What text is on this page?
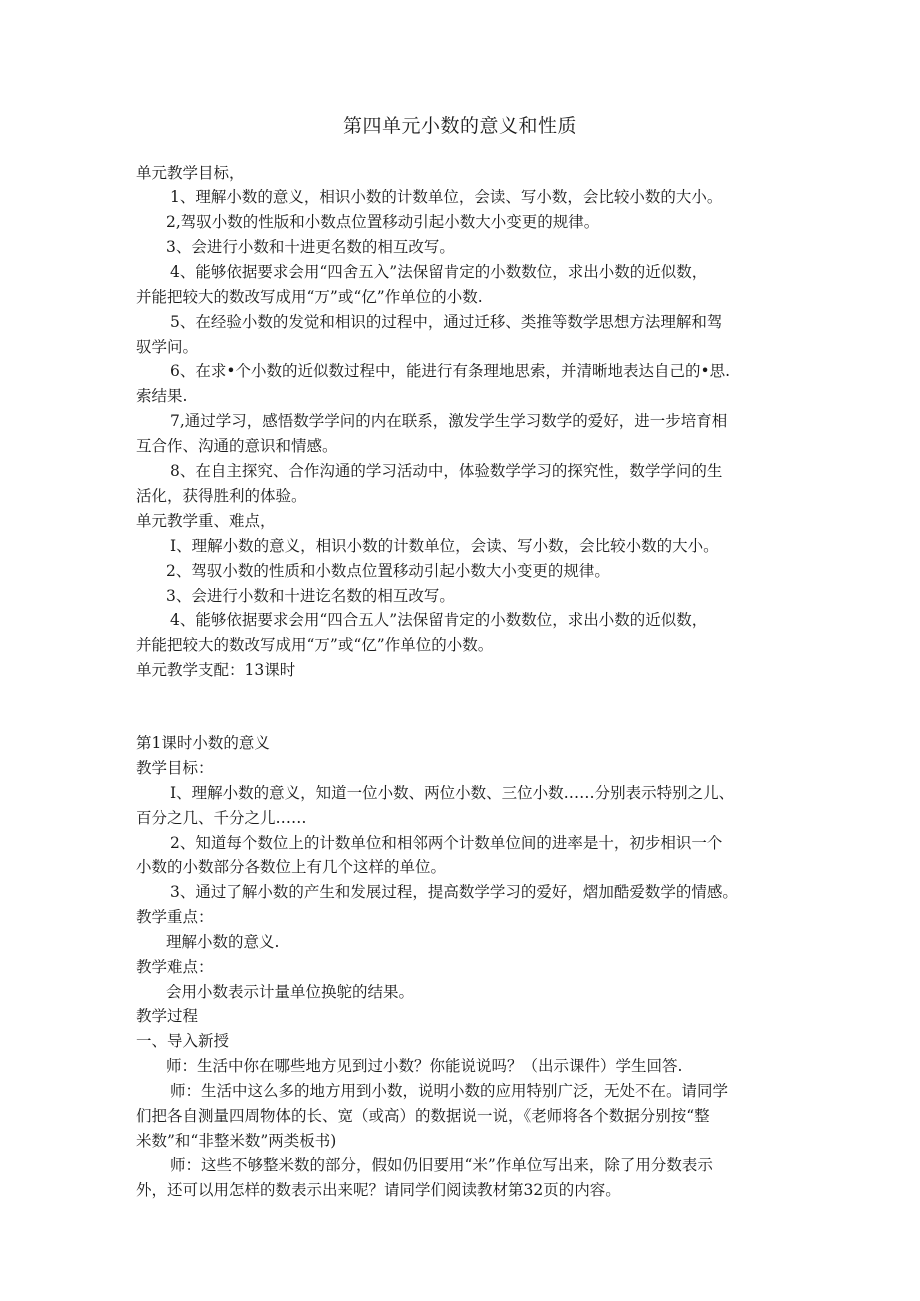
第四单元小数的意义和性质
单元教学目标，
1、理解小数的意义，相识小数的计数单位，会读、写小数，会比较小数的大小。
2,驾驭小数的性版和小数点位置移动引起小数大小变更的规律。
3、会进行小数和十进更名数的相互改写。
4、能够依据要求会用“四舍五入”法保留肯定的小数数位，求出小数的近似数，
并能把较大的数改写成用“万”或“亿”作单位的小数.
5、在经验小数的发觉和相识的过程中，通过迁移、类推等数学思想方法理解和驾
驭学问。
6、在求•个小数的近似数过程中，能进行有条理地思索，并清晰地表达自己的•思.
索结果.
7,通过学习，感悟数学学问的内在联系，激发学生学习数学的爱好，进一步培育相
互合作、沟通的意识和情感。
8、在自主探究、合作沟通的学习活动中，体验数学学习的探究性，数学学问的生
活化，获得胜利的体验。
单元教学重、难点，
I、理解小数的意义，相识小数的计数单位，会读、写小数，会比较小数的大小。
2、驾驭小数的性质和小数点位置移动引起小数大小变更的规律。
3、会进行小数和十进讫名数的相互改写。
4、能够依据要求会用“四合五人”法保留肯定的小数数位，求出小数的近似数，
并能把较大的数改写成用“万”或“亿”作单位的小数。
单元教学支配：13课时
第1课时小数的意义
教学目标：
I、理解小数的意义，知道一位小数、两位小数、三位小数……分别表示特别之儿、
百分之几、千分之儿……
2、知道每个数位上的计数单位和相邻两个计数单位间的进率是十，初步相识一个
小数的小数部分各数位上有几个这样的单位。
3、通过了解小数的产生和发展过程，提高数学学习的爱好，熠加酷爱数学的情感。
教学重点：
理解小数的意义.
教学难点：
会用小数表示计量单位换鸵的结果。
教学过程
一、导入新授
师：生活中你在哪些地方见到过小数？你能说说吗？（出示课件）学生回答.
师：生活中这么多的地方用到小数，说明小数的应用特别广泛，无处不在。请同学
们把各自测量四周物体的长、宽（或高）的数据说一说，《老师将各个数据分别按“整
米数”和“非整米数”两类板书)
师：这些不够整米数的部分，假如仍旧要用“米”作单位写出来，除了用分数表示
外，还可以用怎样的数表示出来呢？请同学们阅读教材第32页的内容。
